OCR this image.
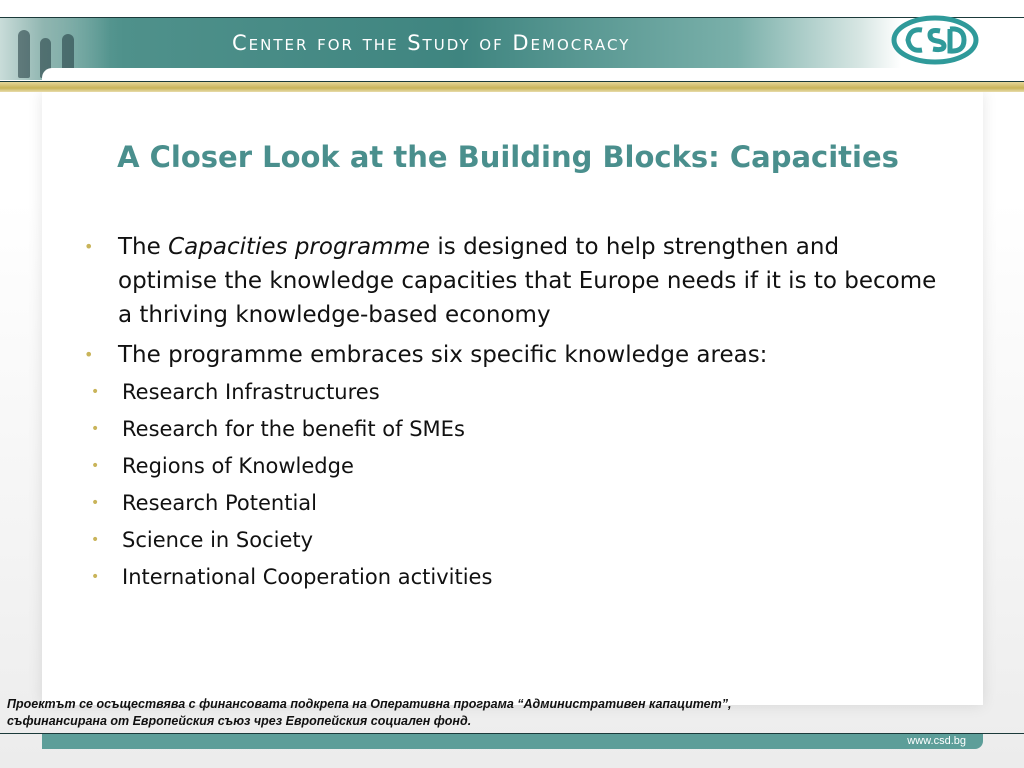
Center for the Study of Democracy
A Closer Look at the Building Blocks: Capacities
• The Capacities programme is designed to help strengthen and optimise the knowledge capacities that Europe needs if it is to become a thriving knowledge-based economy
• The programme embraces six specific knowledge areas:
• Research Infrastructures
• Research for the benefit of SMEs
• Regions of Knowledge
• Research Potential
• Science in Society
• International Cooperation activities
Проектът се осъществява с финансовата подкрепа на Оперативна програма “Административен капацитет”,
съфинансирана от Европейския съюз чрез Европейския социален фонд.
www.csd.bg
